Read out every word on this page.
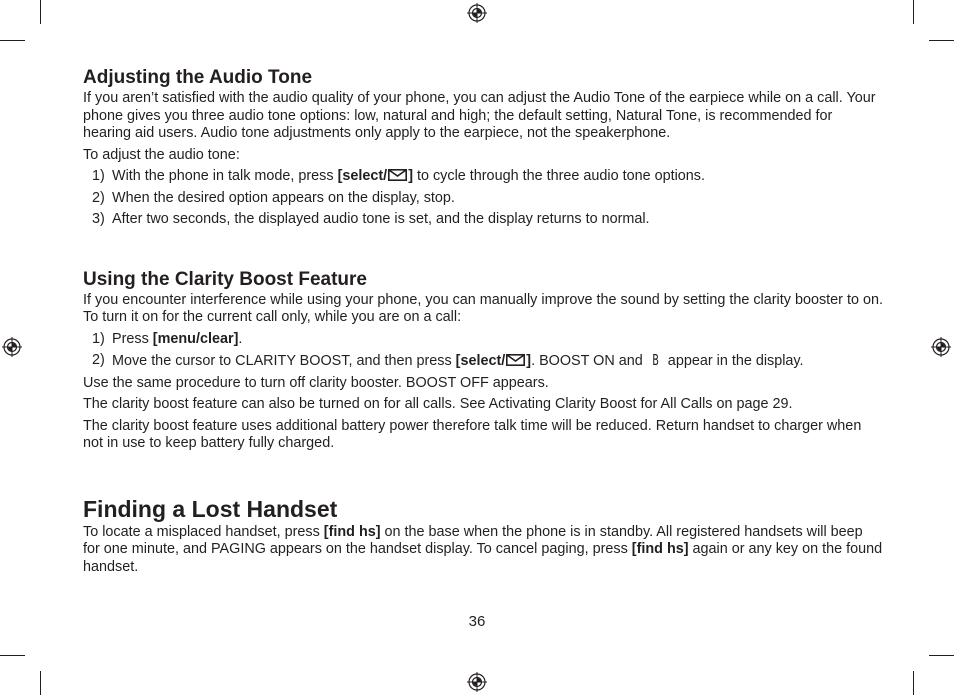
Adjusting the Audio Tone

If you aren’t satisfied with the audio quality of your phone, you can adjust the Audio Tone of the earpiece while on a call. Your phone gives you three audio tone options: low, natural and high; the default setting, Natural Tone, is recommended for hearing aid users. Audio tone adjustments only apply to the earpiece, not the speakerphone.

To adjust the audio tone:

1) With the phone in talk mode, press [select/ ] to cycle through the three audio tone options.
2) When the desired option appears on the display, stop.
3) After two seconds, the displayed audio tone is set, and the display returns to normal.
Using the Clarity Boost Feature

If you encounter interference while using your phone, you can manually improve the sound by setting the clarity booster to on. To turn it on for the current call only, while you are on a call:

1) Press [menu/clear].
2) Move the cursor to CLARITY BOOST, and then press [select/ ]. BOOST ON and B appear in the display.

Use the same procedure to turn off clarity booster. BOOST OFF appears.

The clarity boost feature can also be turned on for all calls. See Activating Clarity Boost for All Calls on page 29.

The clarity boost feature uses additional battery power therefore talk time will be reduced. Return handset to charger when not in use to keep battery fully charged.

Finding a Lost Handset

To locate a misplaced handset, press [find hs] on the base when the phone is in standby. All registered handsets will beep for one minute, and PAGING appears on the handset display. To cancel paging, press [find hs] again or any key on the found handset.

36
